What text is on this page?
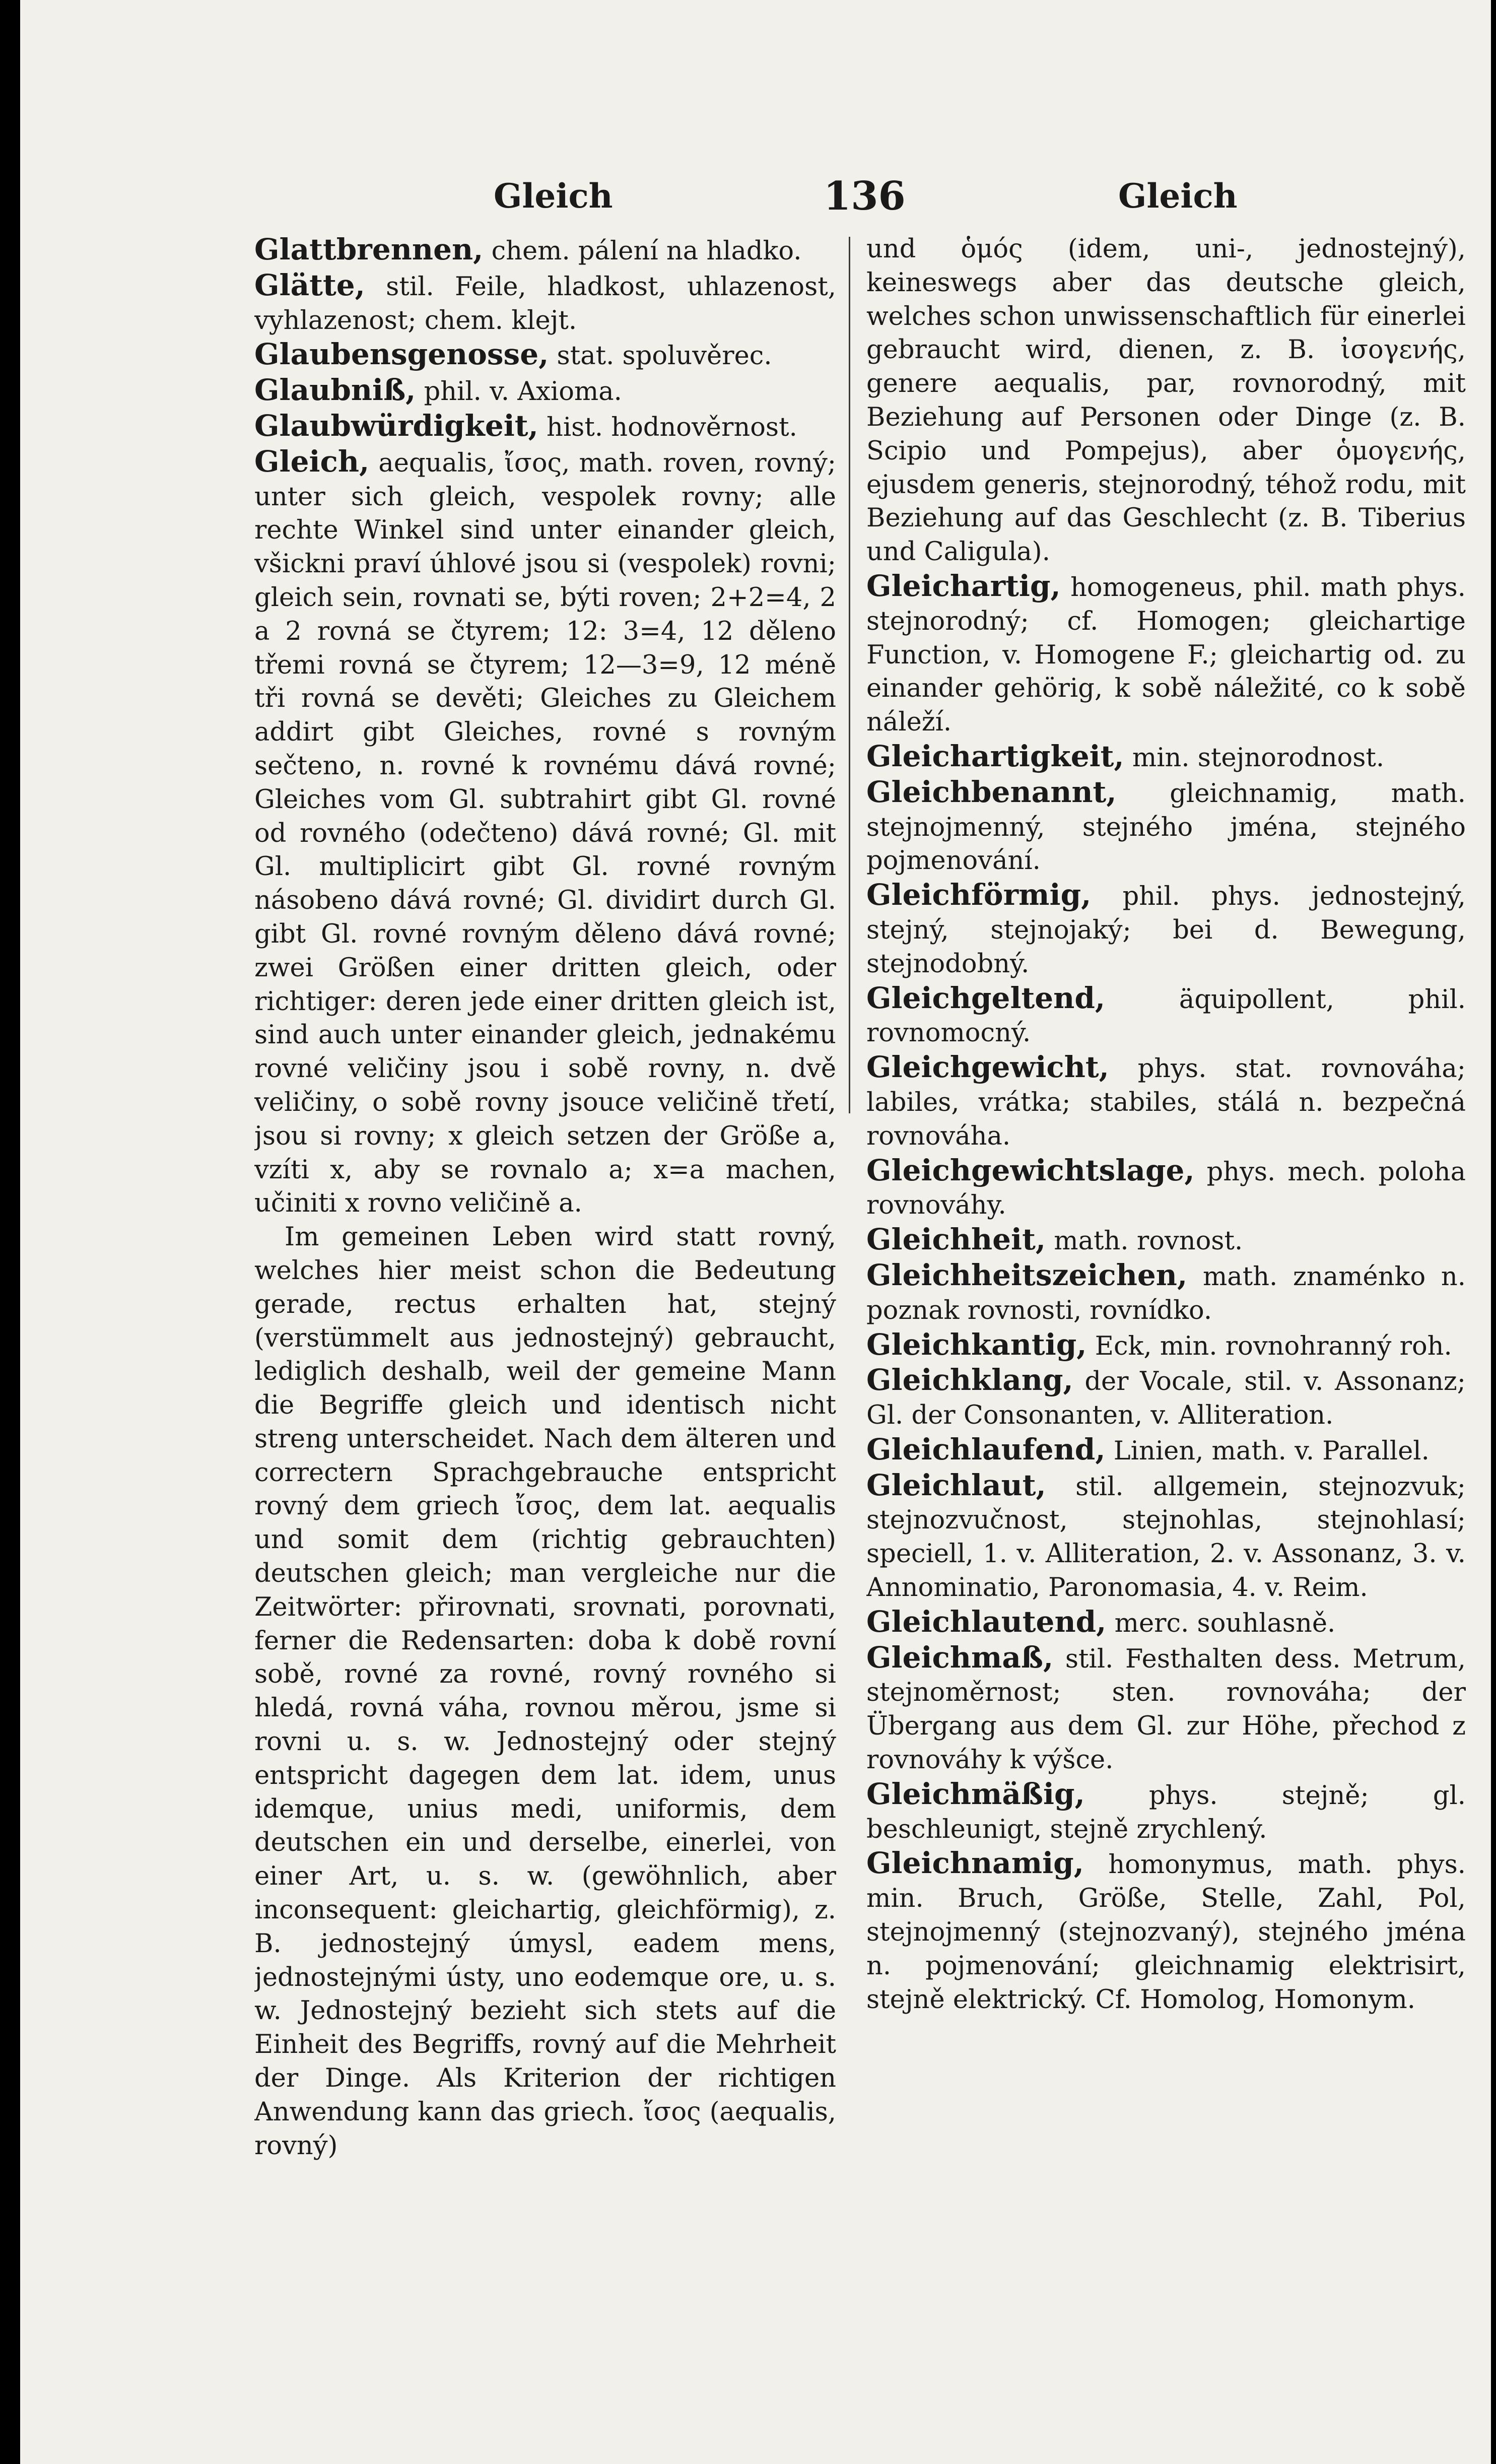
Gleich	136	Gleich

Glattbrennen, chem. pálení na hladko.

Glätte, stil. Feile, hladkost, uhlazenost, vyhlazenost; chem. klejt.

Glaubensgenosse, stat. spoluvěrec.

Glaubniß, phil. v. Axioma.

Glaubwürdigkeit, hist. hodnověrnost.

Gleich, aequalis, ἴσος, math. roven, rovný; unter sich gleich, vespolek rovny; alle rechte Winkel sind unter einander gleich, všickni praví úhlové jsou si (vespolek) rovni; gleich sein, rovnati se, býti roven; 2+2=4, 2 a 2 rovná se čtyrem; 12: 3=4, 12 děleno třemi rovná se čtyrem; 12—3=9, 12 méně tři rovná se devěti; Gleiches zu Gleichem addirt gibt Gleiches, rovné s rovným sečteno, n. rovné k rovnému dává rovné; Gleiches vom Gl. subtrahirt gibt Gl. rovné od rovného (odečteno) dává rovné; Gl. mit Gl. multiplicirt gibt Gl. rovné rovným násobeno dává rovné; Gl. dividirt durch Gl. gibt Gl. rovné rovným děleno dává rovné; zwei Größen einer dritten gleich, oder richtiger: deren jede einer dritten gleich ist, sind auch unter einander gleich, jednakému rovné veličiny jsou i sobě rovny, n. dvě veličiny, o sobě rovny jsouce veličině třetí, jsou si rovny; x gleich setzen der Größe a, vzíti x, aby se rovnalo a; x=a machen, učiniti x rovno veličině a.

Im gemeinen Leben wird statt rovný, welches hier meist schon die Bedeutung gerade, rectus erhalten hat, stejný (verstümmelt aus jednostejný) gebraucht, lediglich deshalb, weil der gemeine Mann die Begriffe gleich und identisch nicht streng unterscheidet. Nach dem älteren und correctern Sprachgebrauche entspricht rovný dem griech ἴσος, dem lat. aequalis und somit dem (richtig gebrauchten) deutschen gleich; man vergleiche nur die Zeitwörter: přirovnati, srovnati, porovnati, ferner die Redensarten: doba k době rovní sobě, rovné za rovné, rovný rovného si hledá, rovná váha, rovnou měrou, jsme si rovni u. s. w. Jednostejný oder stejný entspricht dagegen dem lat. idem, unus idemque, unius medi, uniformis, dem deutschen ein und derselbe, einerlei, von einer Art, u. s. w. (gewöhnlich, aber inconsequent: gleichartig, gleichförmig), z. B. jednostejný úmysl, eadem mens, jednostejnými ústy, uno eodemque ore, u. s. w. Jednostejný bezieht sich stets auf die Einheit des Begriffs, rovný auf die Mehrheit der Dinge. Als Kriterion der richtigen Anwendung kann das griech. ἴσος (aequalis, rovný)

und ὁμός (idem, uni-, jednostejný), keineswegs aber das deutsche gleich, welches schon unwissenschaftlich für einerlei gebraucht wird, dienen, z. B. ἰσογενής, genere aequalis, par, rovnorodný, mit Beziehung auf Personen oder Dinge (z. B. Scipio und Pompejus), aber ὁμογενής, ejusdem generis, stejnorodný, téhož rodu, mit Beziehung auf das Geschlecht (z. B. Tiberius und Caligula).

Gleichartig, homogeneus, phil. math phys. stejnorodný; cf. Homogen; gleichartige Function, v. Homogene F.; gleichartig od. zu einander gehörig, k sobě náležité, co k sobě náleží.

Gleichartigkeit, min. stejnorodnost.

Gleichbenannt, gleichnamig, math. stejnojmenný, stejného jména, stejného pojmenování.

Gleichförmig, phil. phys. jednostejný, stejný, stejnojaký; bei d. Bewegung, stejnodobný.

Gleichgeltend,	äquipollent, phil. rovnomocný.

Gleichgewicht, phys. stat. rovnováha; labiles, vrátka; stabiles, stálá n. bezpečná rovnováha.

Gleichgewichtslage, phys. mech. poloha rovnováhy.

Gleichheit, math. rovnost.

Gleichheitszeichen, math. znaménko n. poznak rovnosti, rovnídko.

Gleichkantig, Eck, min. rovnohranný roh.

Gleichklang, der Vocale, stil. v. Assonanz; Gl. der Consonanten, v. Alliteration.

Gleichlaufend, Linien, math. v. Parallel.

Gleichlaut, stil. allgemein, stejnozvuk; stejnozvučnost, stejnohlas, stejnohlasí; speciell, 1. v. Alliteration, 2. v. Assonanz, 3. v. Annominatio, Paronomasia, 4. v. Reim.

Gleichlautend, merc. souhlasně.

Gleichmaß, stil. Festhalten dess. Metrum, stejnoměrnost; sten. rovnováha; der Übergang aus dem Gl. zur Höhe, přechod z rovnováhy k výšce.

Gleichmäßig, phys. stejně; gl. beschleunigt, stejně zrychlený.

Gleichnamig, homonymus, math. phys. min. Bruch, Größe, Stelle, Zahl, Pol, stejnojmenný (stejnozvaný), stejného jména n. pojmenování; gleichnamig elektrisirt, stejně elektrický. Cf. Homolog, Homonym.
